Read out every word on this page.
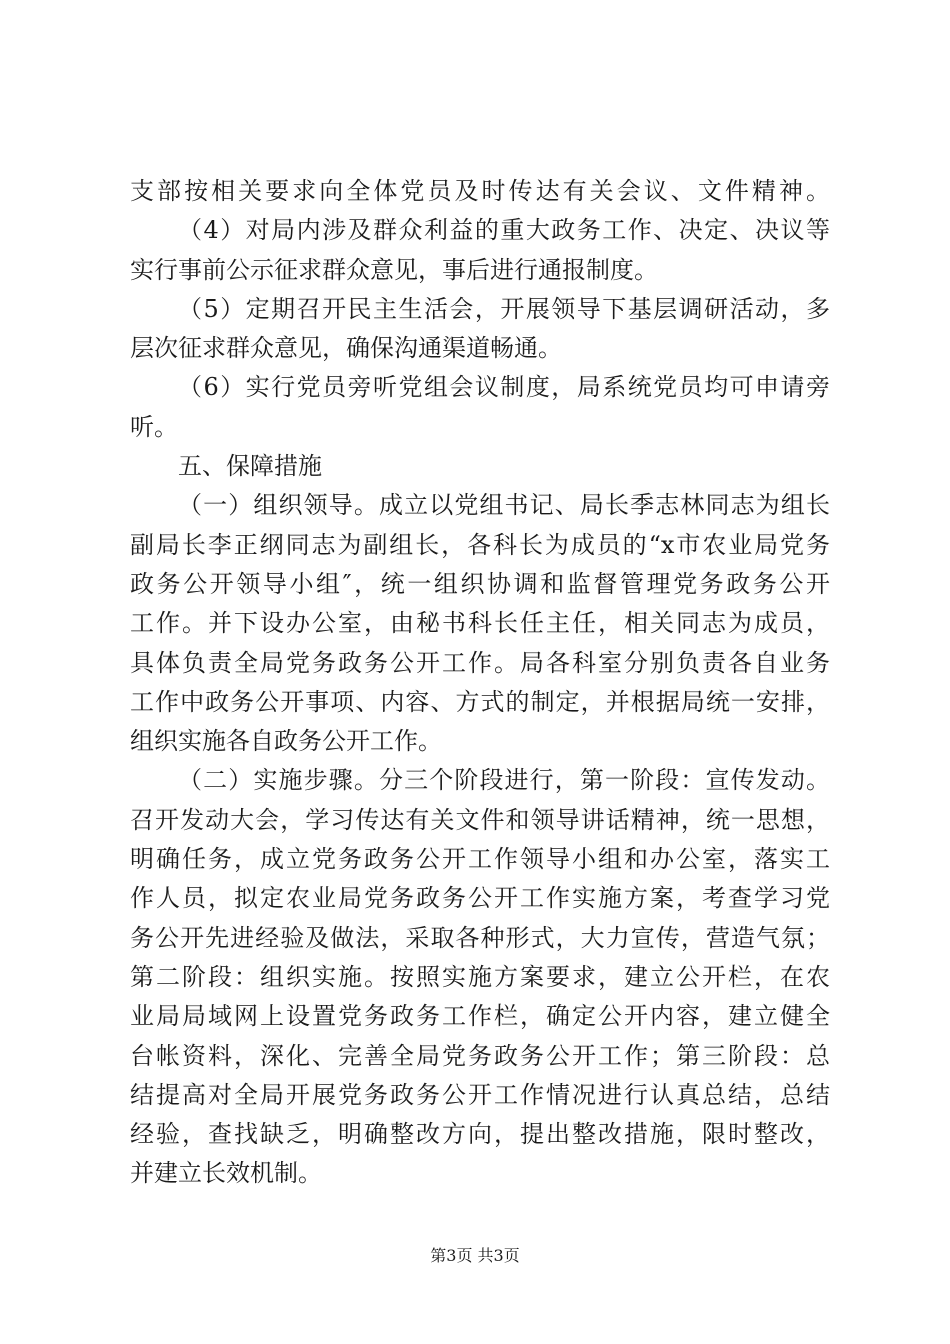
支部按相关要求向全体党员及时传达有关会议、文件精神。
（4）对局内涉及群众利益的重大政务工作、决定、决议等
实行事前公示征求群众意见，事后进行通报制度。
（5）定期召开民主生活会，开展领导下基层调研活动，多
层次征求群众意见，确保沟通渠道畅通。
（6）实行党员旁听党组会议制度，局系统党员均可申请旁
听。
五、保障措施
（一）组织领导。成立以党组书记、局长季志林同志为组长
副局长李正纲同志为副组长，各科长为成员的“x市农业局党务
政务公开领导小组″，统一组织协调和监督管理党务政务公开
工作。并下设办公室，由秘书科长任主任，相关同志为成员，
具体负责全局党务政务公开工作。局各科室分别负责各自业务
工作中政务公开事项、内容、方式的制定，并根据局统一安排，
组织实施各自政务公开工作。
（二）实施步骤。分三个阶段进行，第一阶段：宣传发动。
召开发动大会，学习传达有关文件和领导讲话精神，统一思想，
明确任务，成立党务政务公开工作领导小组和办公室，落实工
作人员，拟定农业局党务政务公开工作实施方案，考查学习党
务公开先进经验及做法，采取各种形式，大力宣传，营造气氛；
第二阶段：组织实施。按照实施方案要求，建立公开栏，在农
业局局域网上设置党务政务工作栏，确定公开内容，建立健全
台帐资料，深化、完善全局党务政务公开工作；第三阶段：总
结提高对全局开展党务政务公开工作情况进行认真总结，总结
经验，查找缺乏，明确整改方向，提出整改措施，限时整改，
并建立长效机制。
第3页 共3页
